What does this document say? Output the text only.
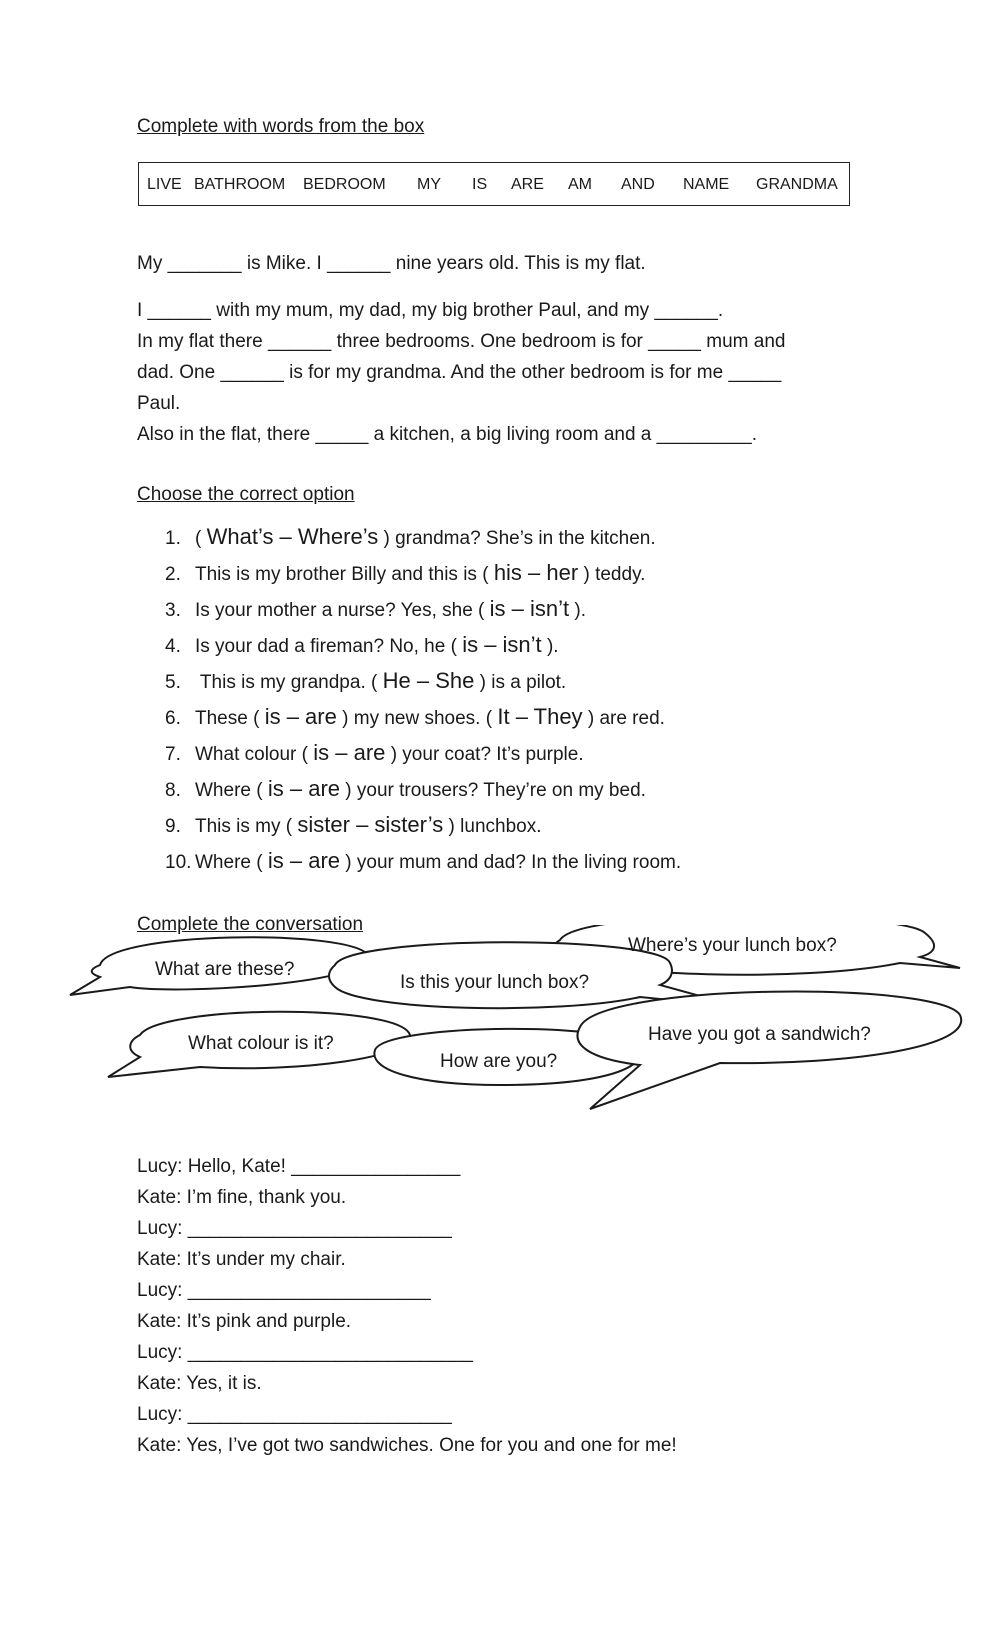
Complete with words from the box
LIVE BATHROOM BEDROOM MY IS ARE AM AND NAME GRANDMA
My _______ is Mike. I ______ nine years old. This is my flat.
I ______ with my mum, my dad, my big brother Paul, and my ______.
In my flat there ______ three bedrooms. One bedroom is for _____ mum and
dad. One ______ is for my grandma. And the other bedroom is for me _____
Paul.
Also in the flat, there _____ a kitchen, a big living room and a _________.
Choose the correct option
1. ( What’s – Where’s ) grandma? She’s in the kitchen.
2. This is my brother Billy and this is ( his – her ) teddy.
3. Is your mother a nurse? Yes, she ( is – isn’t ).
4. Is your dad a fireman? No, he ( is – isn’t ).
5. This is my grandpa. ( He – She ) is a pilot.
6. These ( is – are ) my new shoes. ( It – They ) are red.
7. What colour ( is – are ) your coat? It’s purple.
8. Where ( is – are ) your trousers? They’re on my bed.
9. This is my ( sister – sister’s ) lunchbox.
10. Where ( is – are ) your mum and dad? In the living room.
Complete the conversation
What are these?
Where’s your lunch box?
Is this your lunch box?
What colour is it?
How are you?
Have you got a sandwich?
Lucy: Hello, Kate! ________________
Kate: I’m fine, thank you.
Lucy: _________________________
Kate: It’s under my chair.
Lucy: _______________________
Kate: It’s pink and purple.
Lucy: ___________________________
Kate: Yes, it is.
Lucy: _________________________
Kate: Yes, I’ve got two sandwiches. One for you and one for me!
